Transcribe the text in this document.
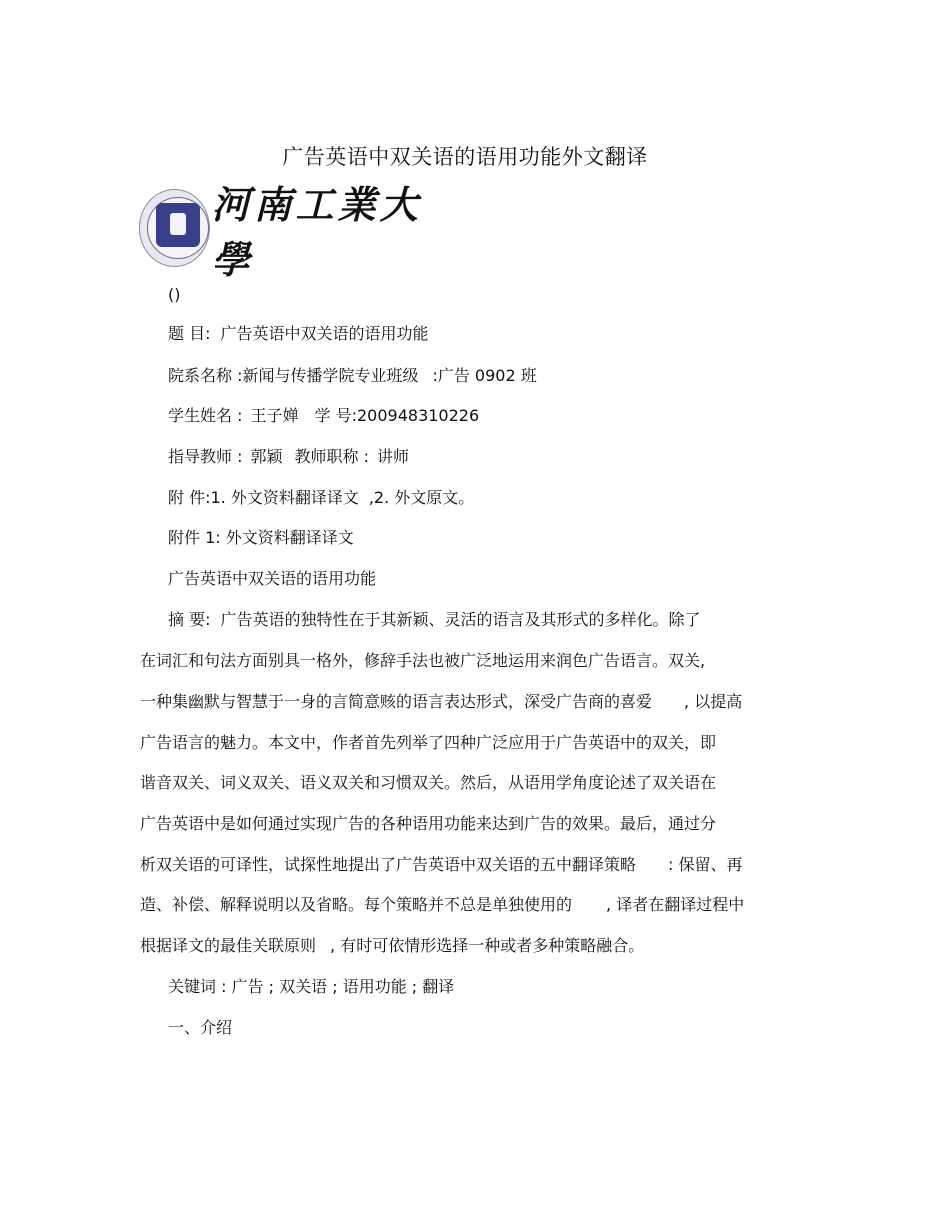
广告英语中双关语的语用功能外文翻译
河南工業大學
()
题 目: 广告英语中双关语的语用功能
院系名称 :新闻与传播学院专业班级 :广告 0902 班
学生姓名 : 王子婵 学 号:200948310226
指导教师 : 郭颖 教师职称 : 讲师
附 件:1. 外文资料翻译译文 ,2. 外文原文。
附件 1: 外文资料翻译译文
广告英语中双关语的语用功能
摘 要: 广告英语的独特性在于其新颖、灵活的语言及其形式的多样化。除了
在词汇和句法方面别具一格外，修辞手法也被广泛地运用来润色广告语言。双关,
一种集幽默与智慧于一身的言简意赅的语言表达形式，深受广告商的喜爱 , 以提高
广告语言的魅力。本文中，作者首先列举了四种广泛应用于广告英语中的双关，即
谐音双关、词义双关、语义双关和习惯双关。然后，从语用学角度论述了双关语在
广告英语中是如何通过实现广告的各种语用功能来达到广告的效果。最后，通过分
析双关语的可译性，试探性地提出了广告英语中双关语的五中翻译策略 : 保留、再
造、补偿、解释说明以及省略。每个策略并不总是单独使用的 , 译者在翻译过程中
根据译文的最佳关联原则 , 有时可依情形选择一种或者多种策略融合。
关键词 : 广告 ; 双关语 ; 语用功能 ; 翻译
一、介绍
